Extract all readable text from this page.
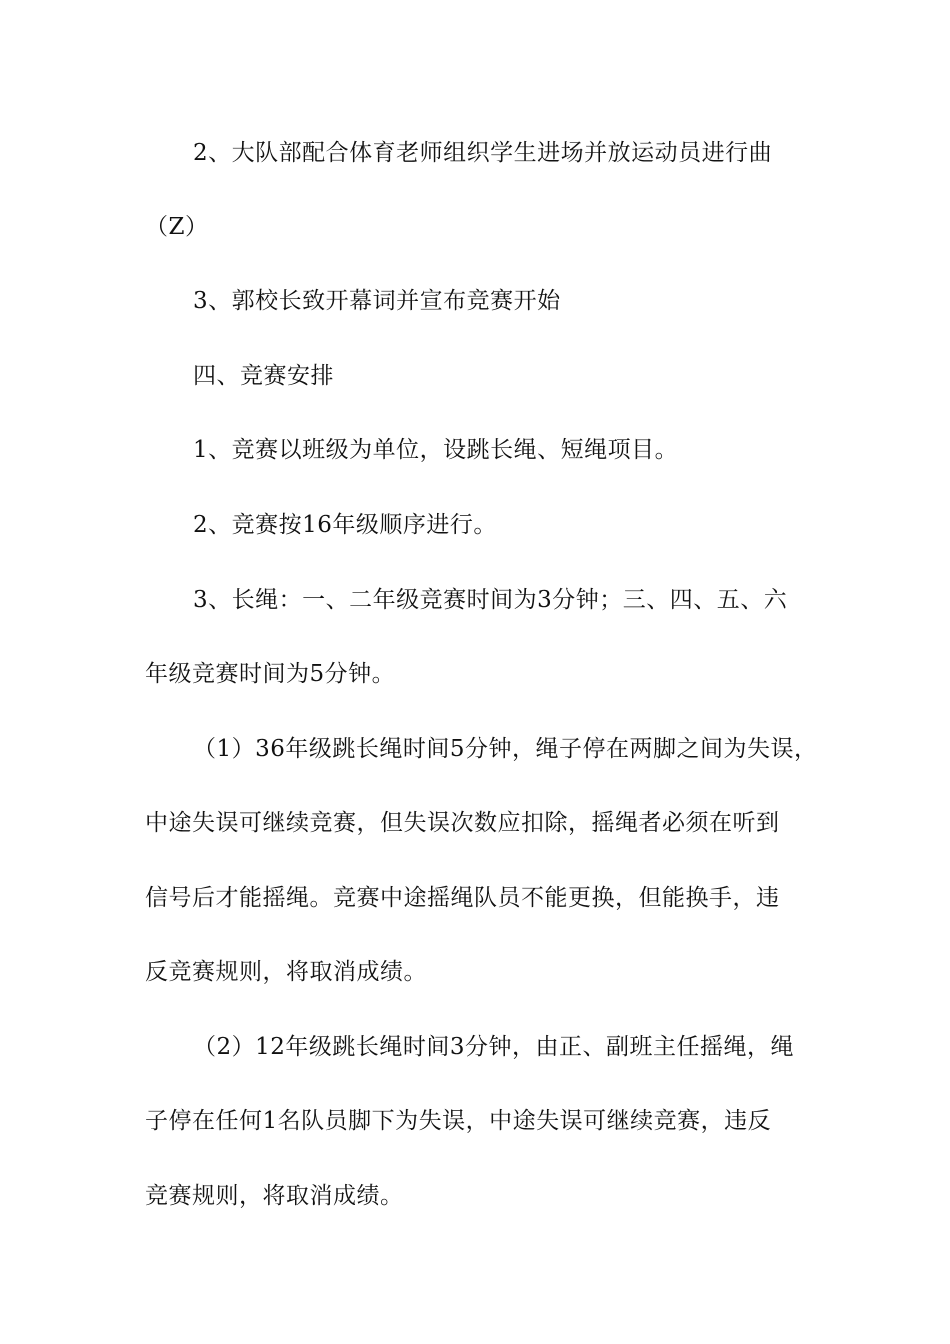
2、大队部配合体育老师组织学生进场并放运动员进行曲
（Z）
3、郭校长致开幕词并宣布竞赛开始
四、竞赛安排
1、竞赛以班级为单位，设跳长绳、短绳项目。
2、竞赛按16年级顺序进行。
3、长绳：一、二年级竞赛时间为3分钟；三、四、五、六
年级竞赛时间为5分钟。
（1）36年级跳长绳时间5分钟，绳子停在两脚之间为失误，
中途失误可继续竞赛，但失误次数应扣除，摇绳者必须在听到
信号后才能摇绳。竞赛中途摇绳队员不能更换，但能换手，违
反竞赛规则，将取消成绩。
（2）12年级跳长绳时间3分钟，由正、副班主任摇绳，绳
子停在任何1名队员脚下为失误，中途失误可继续竞赛，违反
竞赛规则，将取消成绩。
